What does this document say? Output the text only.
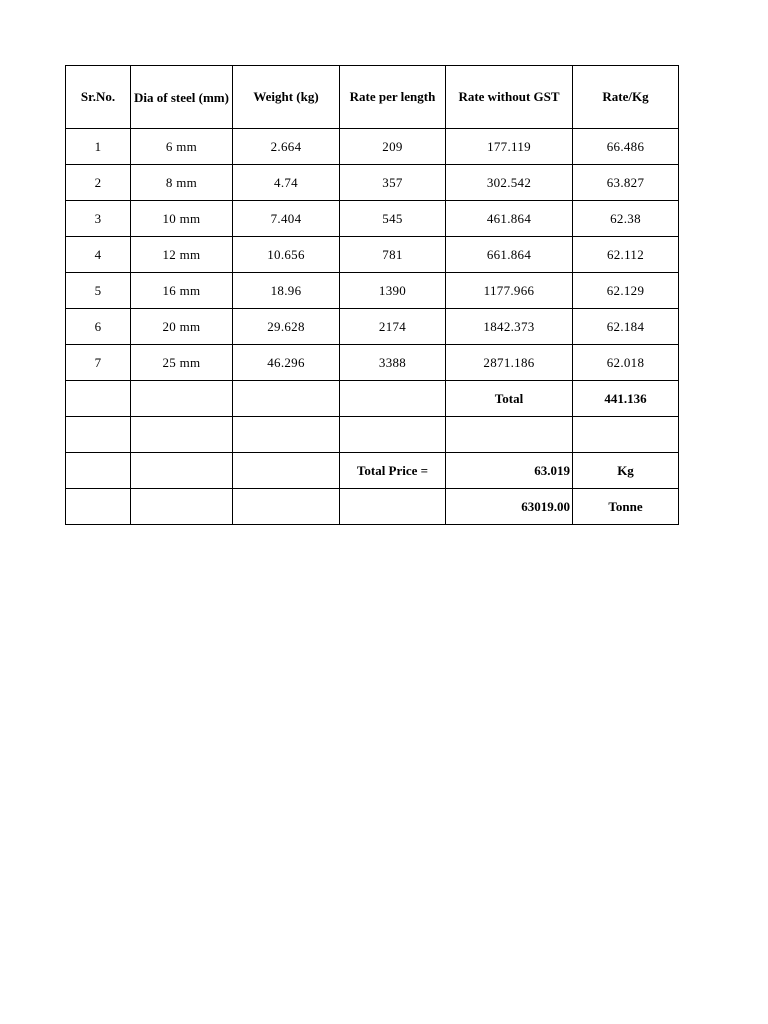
Sr.No.	Dia of steel (mm)	Weight (kg)	Rate per length	Rate without GST	Rate/Kg
1	6 mm	2.664	209	177.119	66.486
2	8 mm	4.74	357	302.542	63.827
3	10 mm	7.404	545	461.864	62.38
4	12 mm	10.656	781	661.864	62.112
5	16 mm	18.96	1390	1177.966	62.129
6	20 mm	29.628	2174	1842.373	62.184
7	25 mm	46.296	3388	2871.186	62.018
				Total	441.136

			Total Price =	63.019	Kg
				63019.00	Tonne
